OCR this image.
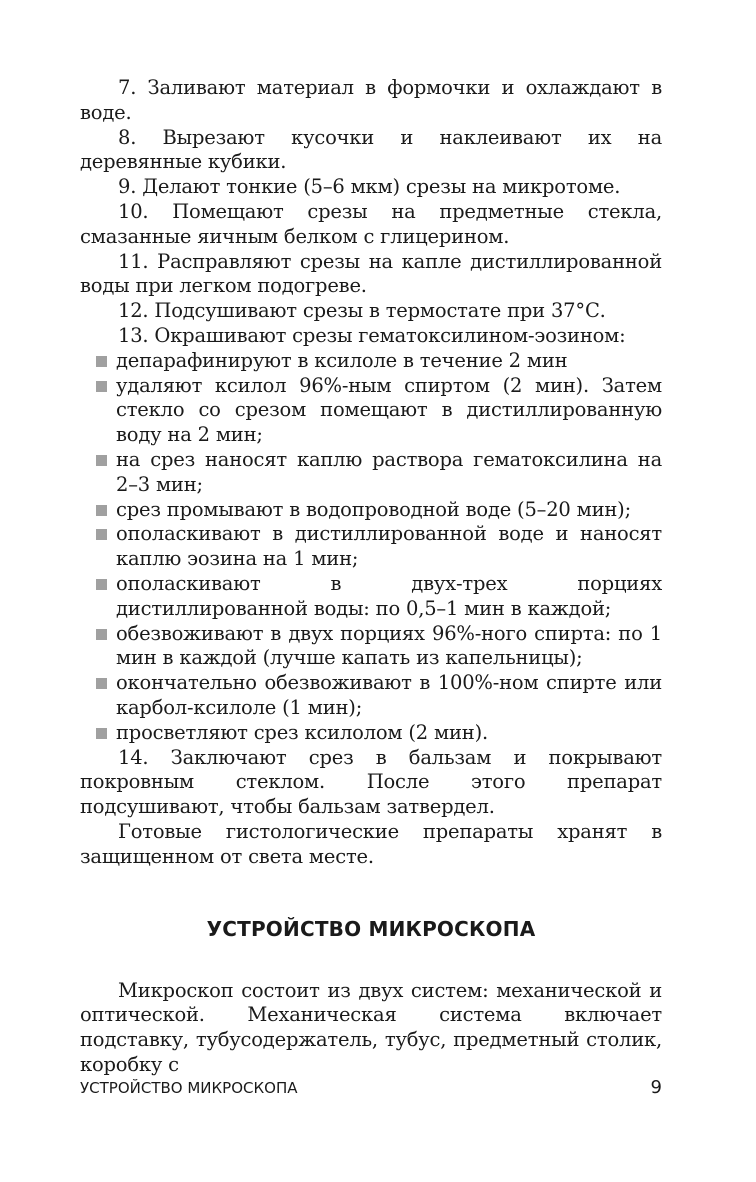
7. Заливают материал в формочки и охлаждают в воде.

8. Вырезают кусочки и наклеивают их на деревянные кубики.

9. Делают тонкие (5–6 мкм) срезы на микротоме.

10. Помещают срезы на предметные стекла, смазанные яичным белком с глицерином.

11. Расправляют срезы на капле дистиллированной воды при легком подогреве.

12. Подсушивают срезы в термостате при 37°С.

13. Окрашивают срезы гематоксилином-эозином:

депарафинируют в ксилоле в течение 2 мин
удаляют ксилол 96%-ным спиртом (2 мин). Затем стекло со срезом помещают в дистиллированную воду на 2 мин;
на срез наносят каплю раствора гематоксилина на 2–3 мин;
срез промывают в водопроводной воде (5–20 мин);
ополаскивают в дистиллированной воде и наносят каплю эозина на 1 мин;
ополаскивают в двух-трех порциях дистиллированной воды: по 0,5–1 мин в каждой;
обезвоживают в двух порциях 96%-ного спирта: по 1 мин в каждой (лучше капать из капельницы);
окончательно обезвоживают в 100%-ном спирте или карбол-ксилоле (1 мин);
просветляют срез ксилолом (2 мин).

14. Заключают срез в бальзам и покрывают покровным стеклом. После этого препарат подсушивают, чтобы бальзам затвердел.

Готовые гистологические препараты хранят в защищенном от света месте.

УСТРОЙСТВО МИКРОСКОПА

Микроскоп состоит из двух систем: механической и оптической. Механическая система включает подставку, тубусодержатель, тубус, предметный столик, коробку с

УСТРОЙСТВО МИКРОСКОПА	9
